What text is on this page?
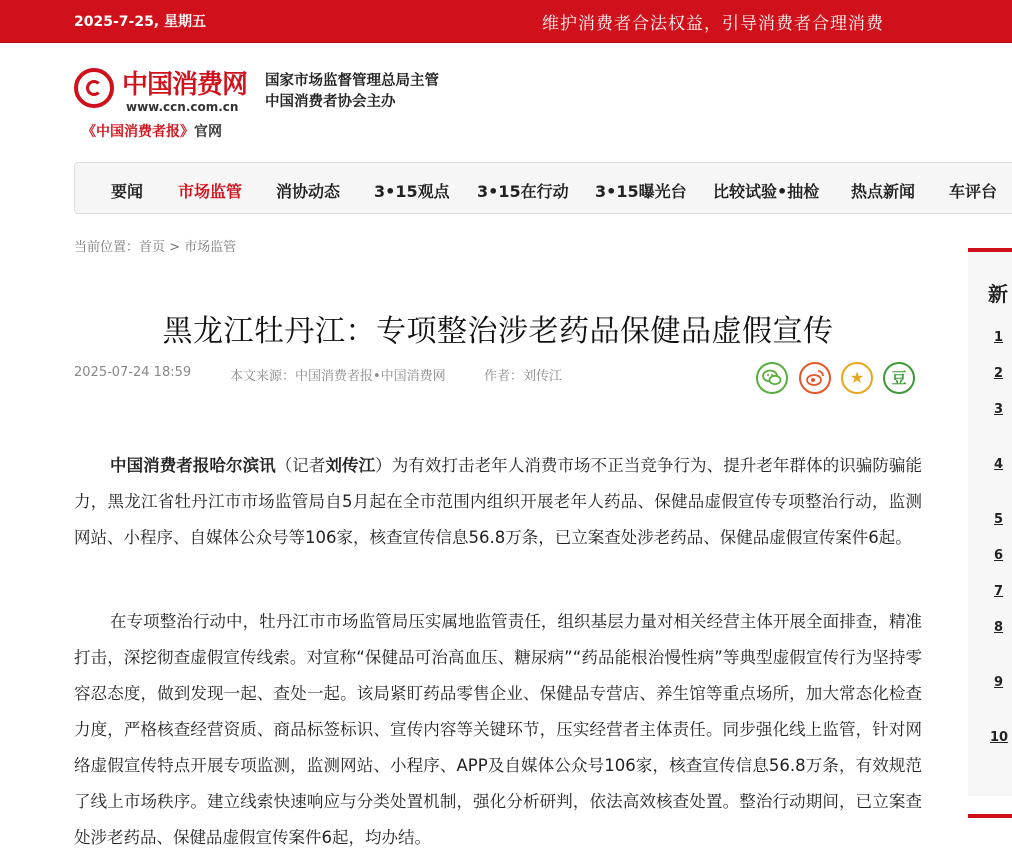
2025-7-25, 星期五	维护消费者合法权益，引导消费者合理消费
中国消费网
www.ccn.com.cn
《中国消费者报》官网
国家市场监督管理总局主管
中国消费者协会主办
要闻 市场监管 消协动态 3•15观点 3•15在行动 3•15曝光台 比较试验•抽检 热点新闻 车评台
当前位置：首页 > 市场监管
黑龙江牡丹江：专项整治涉老药品保健品虚假宣传
2025-07-24 18:59	本文来源：中国消费者报•中国消费网	作者：刘传江	★	豆

中国消费者报哈尔滨讯（记者刘传江）为有效打击老年人消费市场不正当竞争行为、提升老年群体的识骗防骗能力，黑龙江省牡丹江市市场监管局自5月起在全市范围内组织开展老年人药品、保健品虚假宣传专项整治行动，监测网站、小程序、自媒体公众号等106家，核查宣传信息56.8万条，已立案查处涉老药品、保健品虚假宣传案件6起。

在专项整治行动中，牡丹江市市场监管局压实属地监管责任，组织基层力量对相关经营主体开展全面排查，精准打击，深挖彻查虚假宣传线索。对宣称“保健品可治高血压、糖尿病”“药品能根治慢性病”等典型虚假宣传行为坚持零容忍态度，做到发现一起、查处一起。该局紧盯药品零售企业、保健品专营店、养生馆等重点场所，加大常态化检查力度，严格核查经营资质、商品标签标识、宣传内容等关键环节，压实经营者主体责任。同步强化线上监管，针对网络虚假宣传特点开展专项监测，监测网站、小程序、APP及自媒体公众号106家，核查宣传信息56.8万条，有效规范了线上市场秩序。建立线索快速响应与分类处置机制，强化分析研判，依法高效核查处置。整治行动期间，已立案查处涉老药品、保健品虚假宣传案件6起，均办结。

新
1
2
3
4
5
6
7
8
9
10
